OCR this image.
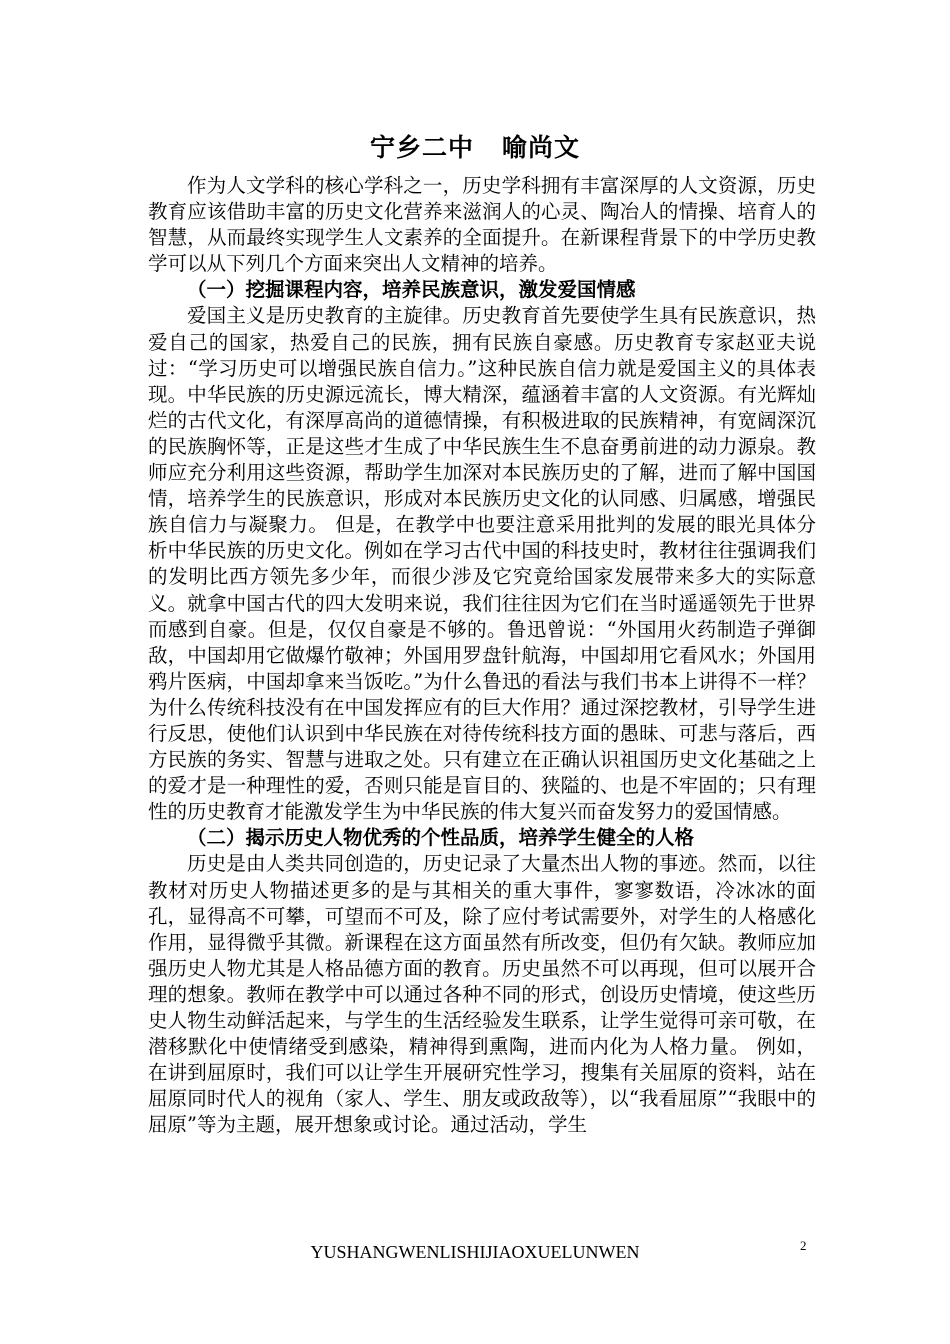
宁乡二中 喻尚文

作为人文学科的核心学科之一，历史学科拥有丰富深厚的人文资源，历史教育应该借助丰富的历史文化营养来滋润人的心灵、陶冶人的情操、培育人的智慧，从而最终实现学生人文素养的全面提升。在新课程背景下的中学历史教学可以从下列几个方面来突出人文精神的培养。

（一）挖掘课程内容，培养民族意识，激发爱国情感

爱国主义是历史教育的主旋律。历史教育首先要使学生具有民族意识，热爱自己的国家，热爱自己的民族，拥有民族自豪感。历史教育专家赵亚夫说过：“学习历史可以增强民族自信力。”这种民族自信力就是爱国主义的具体表现。中华民族的历史源远流长，博大精深，蕴涵着丰富的人文资源。有光辉灿烂的古代文化，有深厚高尚的道德情操，有积极进取的民族精神，有宽阔深沉的民族胸怀等，正是这些才生成了中华民族生生不息奋勇前进的动力源泉。教师应充分利用这些资源，帮助学生加深对本民族历史的了解，进而了解中国国情，培养学生的民族意识，形成对本民族历史文化的认同感、归属感，增强民族自信力与凝聚力。 但是，在教学中也要注意采用批判的发展的眼光具体分析中华民族的历史文化。例如在学习古代中国的科技史时，教材往往强调我们的发明比西方领先多少年，而很少涉及它究竟给国家发展带来多大的实际意义。就拿中国古代的四大发明来说，我们往往因为它们在当时遥遥领先于世界而感到自豪。但是，仅仅自豪是不够的。鲁迅曾说：“外国用火药制造子弹御敌，中国却用它做爆竹敬神；外国用罗盘针航海，中国却用它看风水；外国用鸦片医病，中国却拿来当饭吃。”为什么鲁迅的看法与我们书本上讲得不一样？为什么传统科技没有在中国发挥应有的巨大作用？通过深挖教材，引导学生进行反思，使他们认识到中华民族在对待传统科技方面的愚昧、可悲与落后，西方民族的务实、智慧与进取之处。只有建立在正确认识祖国历史文化基础之上的爱才是一种理性的爱，否则只能是盲目的、狭隘的、也是不牢固的；只有理性的历史教育才能激发学生为中华民族的伟大复兴而奋发努力的爱国情感。

（二）揭示历史人物优秀的个性品质，培养学生健全的人格

历史是由人类共同创造的，历史记录了大量杰出人物的事迹。然而，以往教材对历史人物描述更多的是与其相关的重大事件，寥寥数语，冷冰冰的面孔，显得高不可攀，可望而不可及，除了应付考试需要外，对学生的人格感化作用，显得微乎其微。新课程在这方面虽然有所改变，但仍有欠缺。教师应加强历史人物尤其是人格品德方面的教育。历史虽然不可以再现，但可以展开合理的想象。教师在教学中可以通过各种不同的形式，创设历史情境，使这些历史人物生动鲜活起来，与学生的生活经验发生联系，让学生觉得可亲可敬，在潜移默化中使情绪受到感染，精神得到熏陶，进而内化为人格力量。 例如，在讲到屈原时，我们可以让学生开展研究性学习，搜集有关屈原的资料，站在屈原同时代人的视角（家人、学生、朋友或政敌等），以“我看屈原”“我眼中的屈原”等为主题，展开想象或讨论。通过活动，学生

YUSHANGWENLISHIJIAOXUELUNWEN	2
